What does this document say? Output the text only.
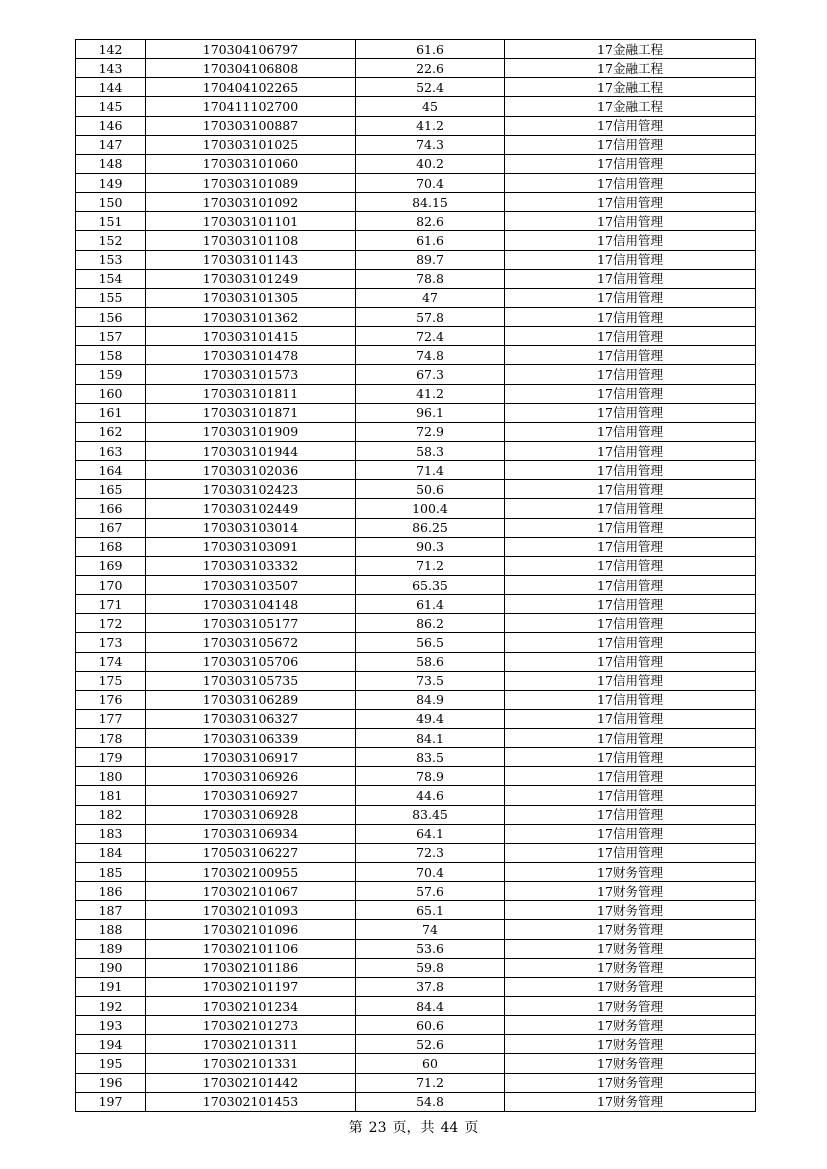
142	170304106797	61.6	17金融工程
143	170304106808	22.6	17金融工程
144	170404102265	52.4	17金融工程
145	170411102700	45	17金融工程
146	170303100887	41.2	17信用管理
147	170303101025	74.3	17信用管理
148	170303101060	40.2	17信用管理
149	170303101089	70.4	17信用管理
150	170303101092	84.15	17信用管理
151	170303101101	82.6	17信用管理
152	170303101108	61.6	17信用管理
153	170303101143	89.7	17信用管理
154	170303101249	78.8	17信用管理
155	170303101305	47	17信用管理
156	170303101362	57.8	17信用管理
157	170303101415	72.4	17信用管理
158	170303101478	74.8	17信用管理
159	170303101573	67.3	17信用管理
160	170303101811	41.2	17信用管理
161	170303101871	96.1	17信用管理
162	170303101909	72.9	17信用管理
163	170303101944	58.3	17信用管理
164	170303102036	71.4	17信用管理
165	170303102423	50.6	17信用管理
166	170303102449	100.4	17信用管理
167	170303103014	86.25	17信用管理
168	170303103091	90.3	17信用管理
169	170303103332	71.2	17信用管理
170	170303103507	65.35	17信用管理
171	170303104148	61.4	17信用管理
172	170303105177	86.2	17信用管理
173	170303105672	56.5	17信用管理
174	170303105706	58.6	17信用管理
175	170303105735	73.5	17信用管理
176	170303106289	84.9	17信用管理
177	170303106327	49.4	17信用管理
178	170303106339	84.1	17信用管理
179	170303106917	83.5	17信用管理
180	170303106926	78.9	17信用管理
181	170303106927	44.6	17信用管理
182	170303106928	83.45	17信用管理
183	170303106934	64.1	17信用管理
184	170503106227	72.3	17信用管理
185	170302100955	70.4	17财务管理
186	170302101067	57.6	17财务管理
187	170302101093	65.1	17财务管理
188	170302101096	74	17财务管理
189	170302101106	53.6	17财务管理
190	170302101186	59.8	17财务管理
191	170302101197	37.8	17财务管理
192	170302101234	84.4	17财务管理
193	170302101273	60.6	17财务管理
194	170302101311	52.6	17财务管理
195	170302101331	60	17财务管理
196	170302101442	71.2	17财务管理
197	170302101453	54.8	17财务管理
第 23 页，共 44 页
